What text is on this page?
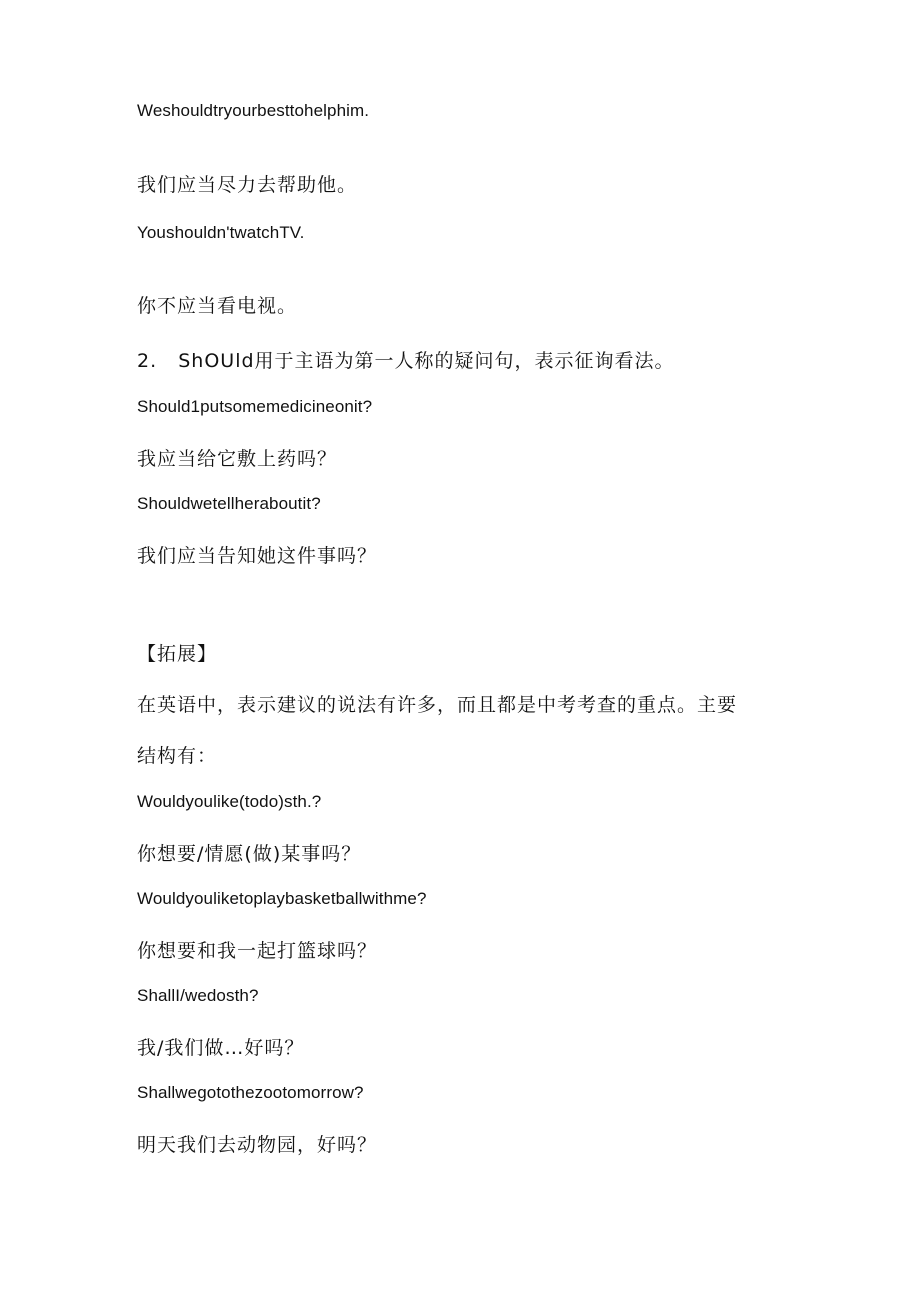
Weshouldtryourbesttohelphim.

我们应当尽力去帮助他。

Youshouldn'twatchTV.

你不应当看电视。

2.   ShOUld用于主语为第一人称的疑问句，表示征询看法。

Should1putsomemedicineonit?

我应当给它敷上药吗？

Shouldwetellheraboutit?

我们应当告知她这件事吗？

【拓展】

在英语中，表示建议的说法有许多，而且都是中考考查的重点。主要

结构有：

Wouldyoulike(todo)sth.?

你想要/情愿(做)某事吗？

Wouldyouliketoplaybasketballwithme?

你想要和我一起打篮球吗？

ShallI/wedosth?

我/我们做…好吗？

Shallwegotothezootomorrow?

明天我们去动物园，好吗？
